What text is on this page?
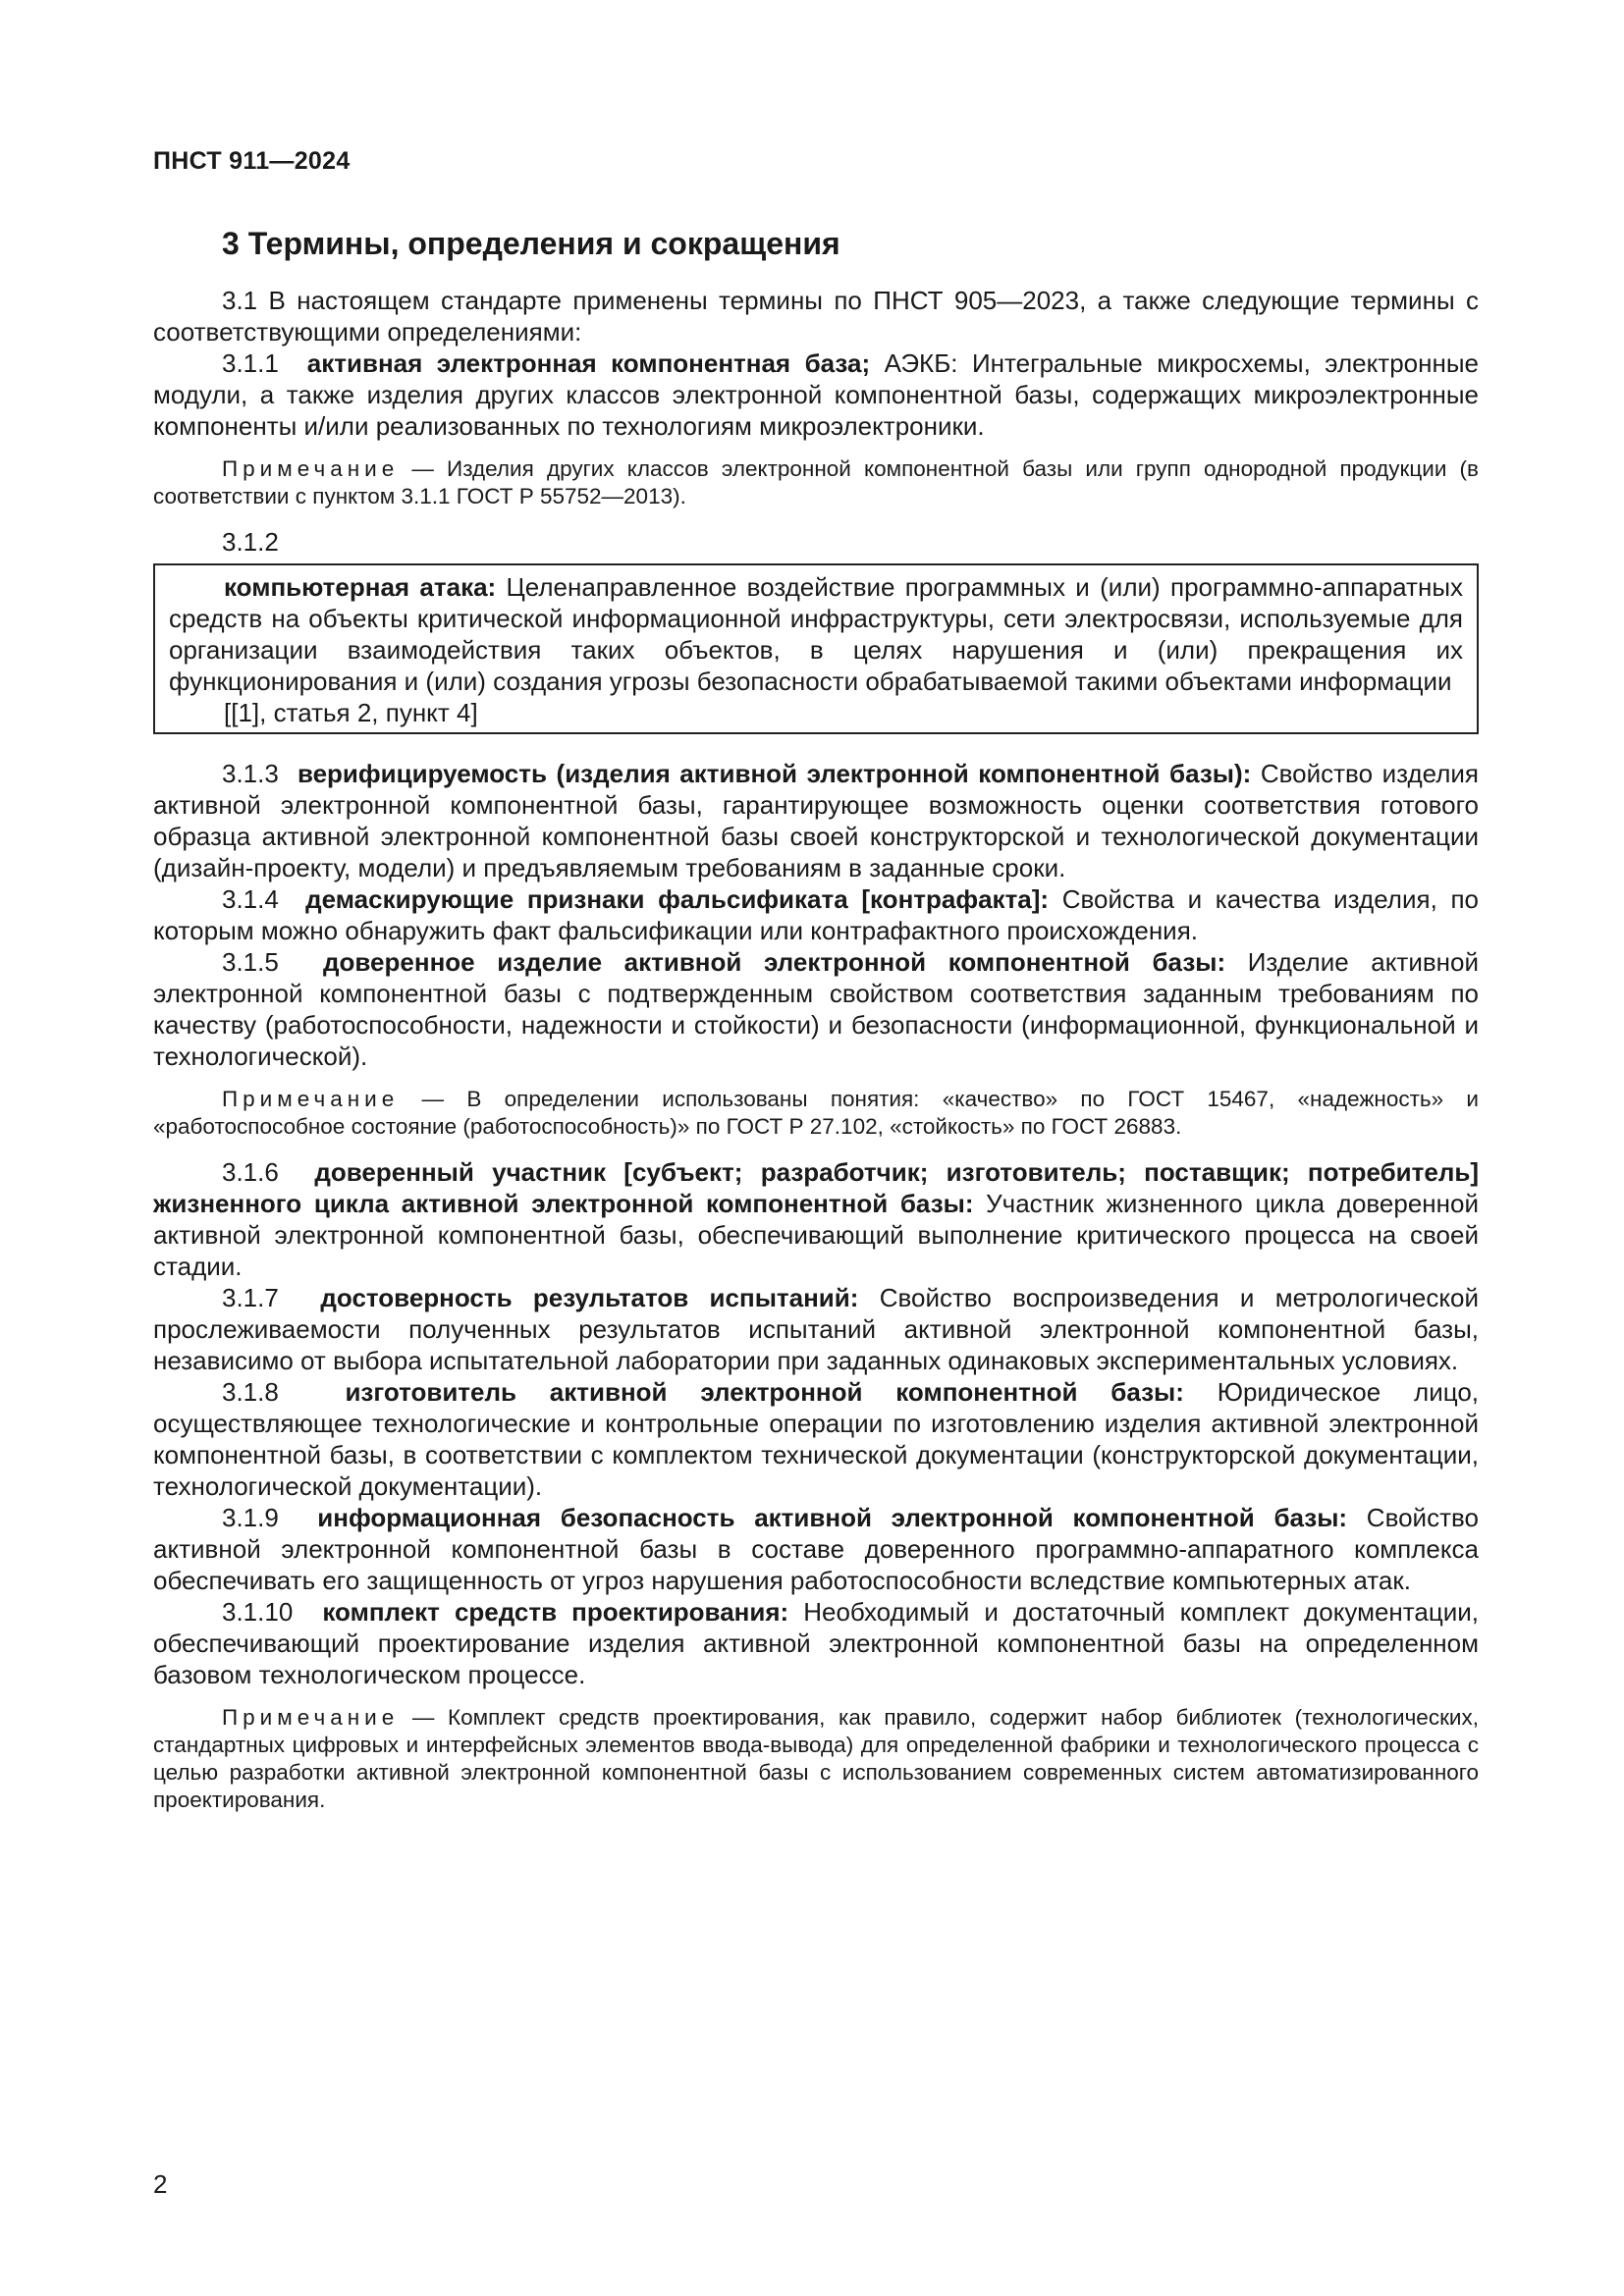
ПНСТ 911—2024
3 Термины, определения и сокращения

3.1 В настоящем стандарте применены термины по ПНСТ 905—2023, а также следующие термины с соответствующими определениями:

3.1.1 активная электронная компонентная база; АЭКБ: Интегральные микросхемы, электронные модули, а также изделия других классов электронной компонентной базы, содержащих микроэлектронные компоненты и/или реализованных по технологиям микроэлектроники.

Примечание — Изделия других классов электронной компонентной базы или групп однородной продукции (в соответствии с пунктом 3.1.1 ГОСТ Р 55752—2013).

3.1.2

компьютерная атака: Целенаправленное воздействие программных и (или) программно-аппаратных средств на объекты критической информационной инфраструктуры, сети электросвязи, используемые для организации взаимодействия таких объектов, в целях нарушения и (или) прекращения их функционирования и (или) создания угрозы безопасности обрабатываемой такими объектами информации

[[1], статья 2, пункт 4]

3.1.3 верифицируемость (изделия активной электронной компонентной базы): Свойство изделия активной электронной компонентной базы, гарантирующее возможность оценки соответствия готового образца активной электронной компонентной базы своей конструкторской и технологической документации (дизайн-проекту, модели) и предъявляемым требованиям в заданные сроки.

3.1.4 демаскирующие признаки фальсификата [контрафакта]: Свойства и качества изделия, по которым можно обнаружить факт фальсификации или контрафактного происхождения.

3.1.5 доверенное изделие активной электронной компонентной базы: Изделие активной электронной компонентной базы с подтвержденным свойством соответствия заданным требованиям по качеству (работоспособности, надежности и стойкости) и безопасности (информационной, функциональной и технологической).

Примечание — В определении использованы понятия: «качество» по ГОСТ 15467, «надежность» и «работоспособное состояние (работоспособность)» по ГОСТ Р 27.102, «стойкость» по ГОСТ 26883.

3.1.6 доверенный участник [субъект; разработчик; изготовитель; поставщик; потребитель] жизненного цикла активной электронной компонентной базы: Участник жизненного цикла доверенной активной электронной компонентной базы, обеспечивающий выполнение критического процесса на своей стадии.

3.1.7 достоверность результатов испытаний: Свойство воспроизведения и метрологической прослеживаемости полученных результатов испытаний активной электронной компонентной базы, независимо от выбора испытательной лаборатории при заданных одинаковых экспериментальных условиях.

3.1.8	изготовитель активной электронной компонентной базы: Юридическое лицо, осуществляющее технологические и контрольные операции по изготовлению изделия активной электронной компонентной базы, в соответствии с комплектом технической документации (конструкторской документации, технологической документации).

3.1.9 информационная безопасность активной электронной компонентной базы: Свойство активной электронной компонентной базы в составе доверенного программно-аппаратного комплекса обеспечивать его защищенность от угроз нарушения работоспособности вследствие компьютерных атак.

3.1.10 комплект средств проектирования: Необходимый и достаточный комплект документации, обеспечивающий проектирование изделия активной электронной компонентной базы на определенном базовом технологическом процессе.

Примечание — Комплект средств проектирования, как правило, содержит набор библиотек (технологических, стандартных цифровых и интерфейсных элементов ввода-вывода) для определенной фабрики и технологического процесса с целью разработки активной электронной компонентной базы с использованием современных систем автоматизированного проектирования.

2
